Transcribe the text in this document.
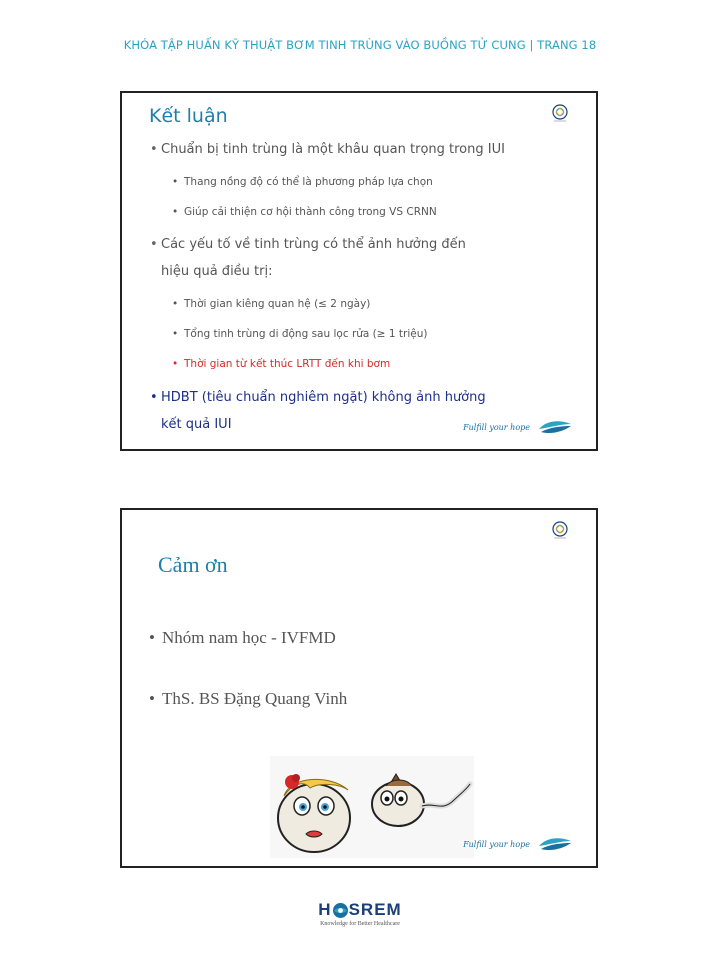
KHÓA TẬP HUẤN KỸ THUẬT BƠM TINH TRÙNG VÀO BUỒNG TỬ CUNG | TRANG 18
Kết luận
• Chuẩn bị tinh trùng là một khâu quan trọng trong IUI
• Thang nồng độ có thể là phương pháp lựa chọn
• Giúp cải thiện cơ hội thành công trong VS CRNN
• Các yếu tố về tinh trùng có thể ảnh hưởng đến
hiệu quả điều trị:
• Thời gian kiêng quan hệ (≤ 2 ngày)
• Tổng tinh trùng di động sau lọc rửa (≥ 1 triệu)
• Thời gian từ kết thúc LRTT đến khi bơm
• HDBT (tiêu chuẩn nghiêm ngặt) không ảnh hưởng
kết quả IUI	Fulfill your hope
Cảm ơn
• Nhóm nam học - IVFMD
• ThS. BS Đặng Quang Vinh
Fulfill your hope
H SREM
Knowledge for Better Healthcare
